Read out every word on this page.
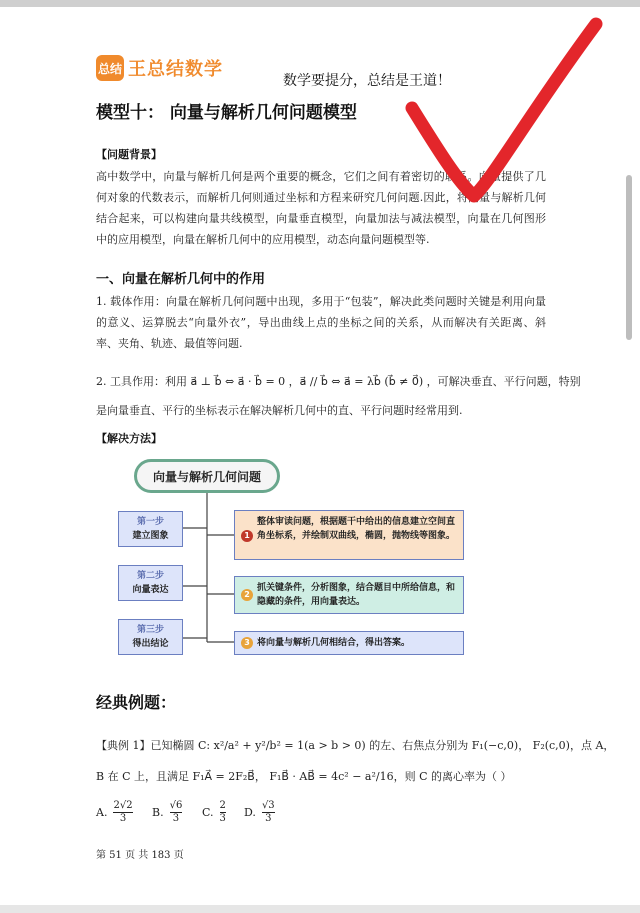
总结 王总结数学
数学要提分，总结是王道！
模型十： 向量与解析几何问题模型
【问题背景】
高中数学中，向量与解析几何是两个重要的概念，它们之间有着密切的联系。向量提供了几何对象的代数表示，而解析几何则通过坐标和方程来研究几何问题.因此，将向量与解析几何结合起来，可以构建向量共线模型，向量垂直模型，向量加法与减法模型，向量在几何图形中的应用模型，向量在解析几何中的应用模型，动态向量问题模型等.
一、向量在解析几何中的作用
1. 载体作用：向量在解析几何问题中出现，多用于“包装”，解决此类问题时关键是利用向量的意义、运算脱去“向量外衣”，导出曲线上点的坐标之间的关系，从而解决有关距离、斜率、夹角、轨迹、最值等问题.
2. 工具作用：利用 a⃗ ⊥ b⃗ ⇔ a⃗ · b⃗ = 0 ，a⃗ // b⃗ ⇔ a⃗ = λb⃗ (b⃗ ≠ 0⃗) ，可解决垂直、平行问题，特别
是向量垂直、平行的坐标表示在解决解析几何中的直、平行问题时经常用到.
【解决方法】
向量与解析几何问题
第一步
建立图象
第二步
向量表达
第三步
得出结论
1
整体审读问题，根据题干中给出的信息建立空间直角坐标系，并绘制双曲线，椭圆，抛物线等图象。
2
抓关键条件，分析图象，结合题目中所给信息，和隐藏的条件，用向量表达。
3 将向量与解析几何相结合，得出答案。
经典例题：
【典例 1】已知椭圆 C: x²/a² + y²/b² = 1(a > b > 0) 的左、右焦点分别为 F₁(−c,0)， F₂(c,0)，点 A，
B 在 C 上，且满足 F₁A⃗ = 2F₂B⃗， F₁B⃗ · AB⃗ = 4c² − a²/16，则 C 的离心率为（ ）
A. $\frac{2√2}{3} B$. $\frac{√6}{3} C$. $\frac{2}{3} D$. $\frac{√3}{3}$
第 51 页 共 183 页
